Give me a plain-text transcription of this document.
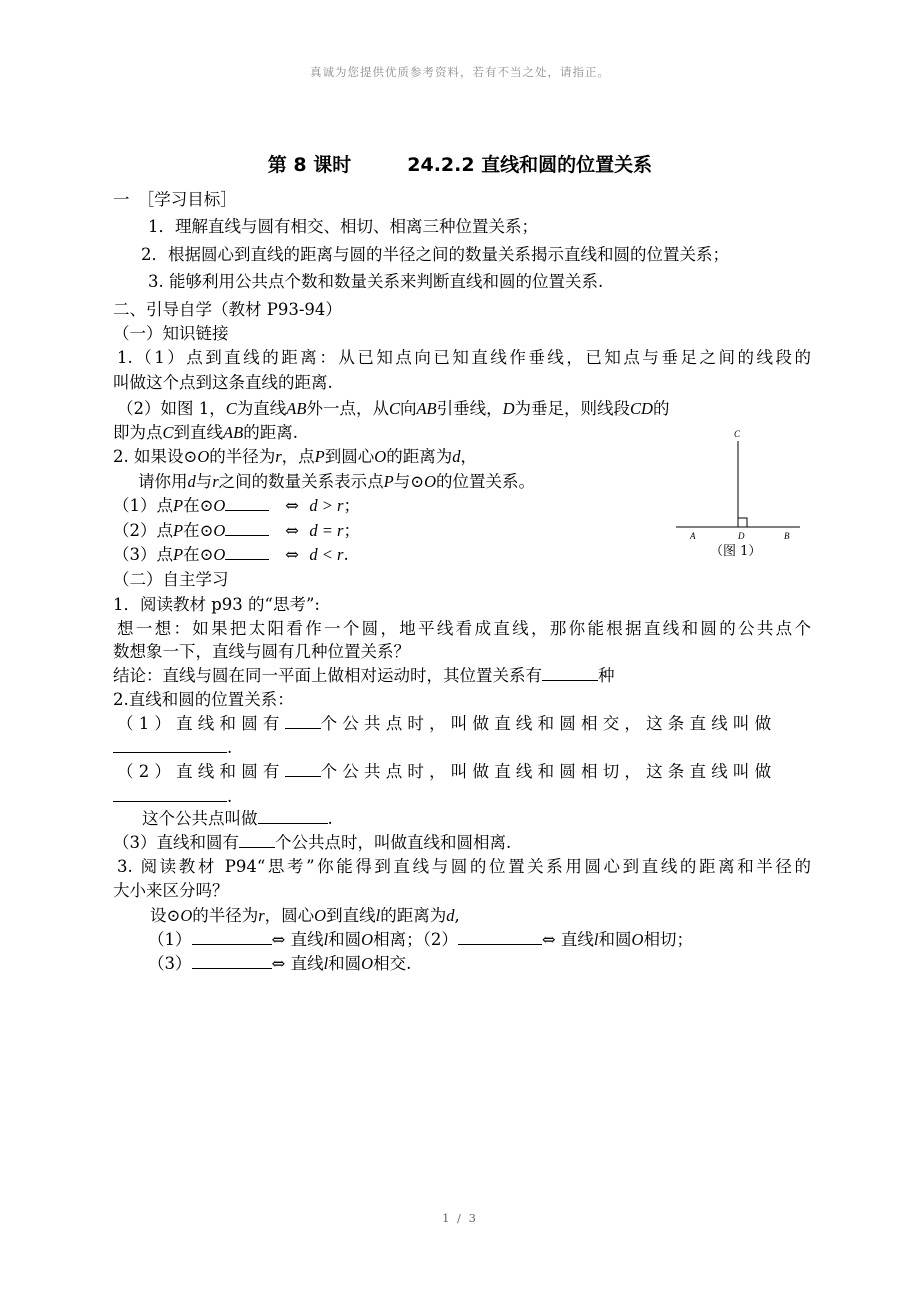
真诚为您提供优质参考资料，若有不当之处，请指正。
第 8 课时	24.2.2 直线和圆的位置关系
一　［学习目标］
1．理解直线与圆有相交、相切、相离三种位置关系；
2．根据圆心到直线的距离与圆的半径之间的数量关系揭示直线和圆的位置关系；
3. 能够利用公共点个数和数量关系来判断直线和圆的位置关系.
二、引导自学（教材 P93-94）
（一）知识链接
1.（1）点到直线的距离：从已知点向已知直线作垂线，已知点与垂足之间的线段的
叫做这个点到这条直线的距离.
（2）如图 1，C为直线AB外一点，从C向AB引垂线，D为垂足，则线段CD的
即为点C到直线AB的距离.
2. 如果设⊙O的半径为r，点P到圆心O的距离为d，
请你用d与r之间的数量关系表示点P与⊙O的位置关系。
（1）点P在⊙O	⇔ d > r；
（2）点P在⊙O	⇔ d = r；
（3）点P在⊙O	⇔ d < r.
C
A	D	B
（图 1）
（二）自主学习
1．阅读教材 p93 的“思考”:
想一想：如果把太阳看作一个圆，地平线看成直线，那你能根据直线和圆的公共点个
数想象一下，直线与圆有几种位置关系？
结论：直线与圆在同一平面上做相对运动时，其位置关系有	种
2.直线和圆的位置关系：
（1）直线和圆有 个公共点时，叫做直线和圆相交，这条直线叫做
.
（2）直线和圆有 个公共点时，叫做直线和圆相切，这条直线叫做
.
这个公共点叫做	.
（3）直线和圆有 个公共点时，叫做直线和圆相离.
3. 阅读教材 P94“思考”你能得到直线与圆的位置关系用圆心到直线的距离和半径的
大小来区分吗？
设⊙O的半径为r，圆心O到直线l的距离为d,
（1）	⇔ 直线l和圆O相离；（2）	⇔ 直线l和圆O相切；
（3）	⇔ 直线l和圆O相交.
1 / 3
